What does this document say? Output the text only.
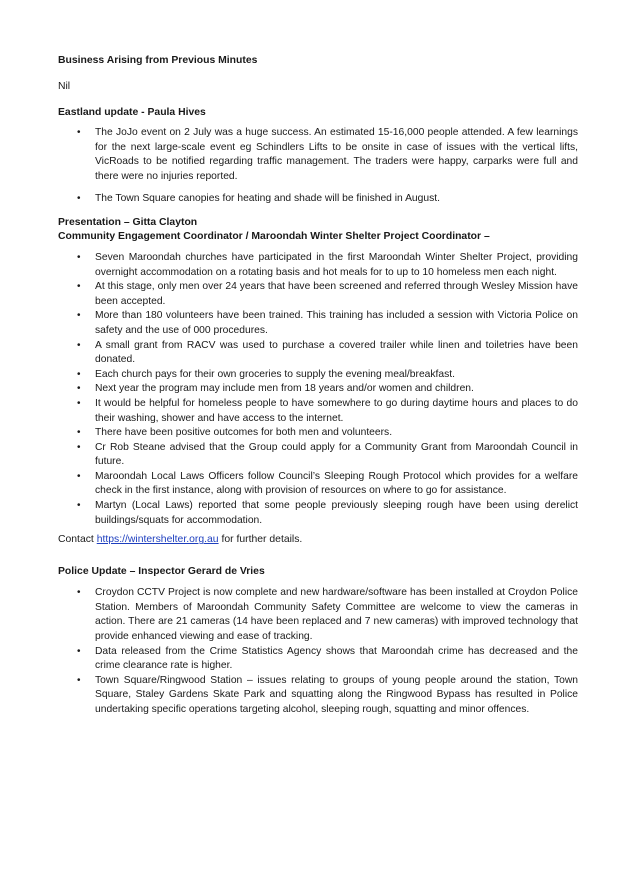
Business Arising from Previous Minutes

Nil

Eastland update - Paula Hives
• The JoJo event on 2 July was a huge success. An estimated 15-16,000 people attended. A few learnings for the next large-scale event eg Schindlers Lifts to be onsite in case of issues with the vertical lifts, VicRoads to be notified regarding traffic management. The traders were happy, carparks were full and there were no injuries reported.
• The Town Square canopies for heating and shade will be finished in August.
Presentation – Gitta Clayton
Community Engagement Coordinator / Maroondah Winter Shelter Project Coordinator –
• Seven Maroondah churches have participated in the first Maroondah Winter Shelter Project, providing overnight accommodation on a rotating basis and hot meals for to up to 10 homeless men each night.
• At this stage, only men over 24 years that have been screened and referred through Wesley Mission have been accepted.
• More than 180 volunteers have been trained. This training has included a session with Victoria Police on safety and the use of 000 procedures.
• A small grant from RACV was used to purchase a covered trailer while linen and toiletries have been donated.
• Each church pays for their own groceries to supply the evening meal/breakfast.
• Next year the program may include men from 18 years and/or women and children.
• It would be helpful for homeless people to have somewhere to go during daytime hours and places to do their washing, shower and have access to the internet.
• There have been positive outcomes for both men and volunteers.
• Cr Rob Steane advised that the Group could apply for a Community Grant from Maroondah Council in future.
• Maroondah Local Laws Officers follow Council’s Sleeping Rough Protocol which provides for a welfare check in the first instance, along with provision of resources on where to go for assistance.
• Martyn (Local Laws) reported that some people previously sleeping rough have been using derelict buildings/squats for accommodation.

Contact https://wintershelter.org.au for further details.

Police Update – Inspector Gerard de Vries
• Croydon CCTV Project is now complete and new hardware/software has been installed at Croydon Police Station. Members of Maroondah Community Safety Committee are welcome to view the cameras in action. There are 21 cameras (14 have been replaced and 7 new cameras) with improved technology that provide enhanced viewing and ease of tracking.
• Data released from the Crime Statistics Agency shows that Maroondah crime has decreased and the crime clearance rate is higher.
• Town Square/Ringwood Station – issues relating to groups of young people around the station, Town Square, Staley Gardens Skate Park and squatting along the Ringwood Bypass has resulted in Police undertaking specific operations targeting alcohol, sleeping rough, squatting and minor offences.
